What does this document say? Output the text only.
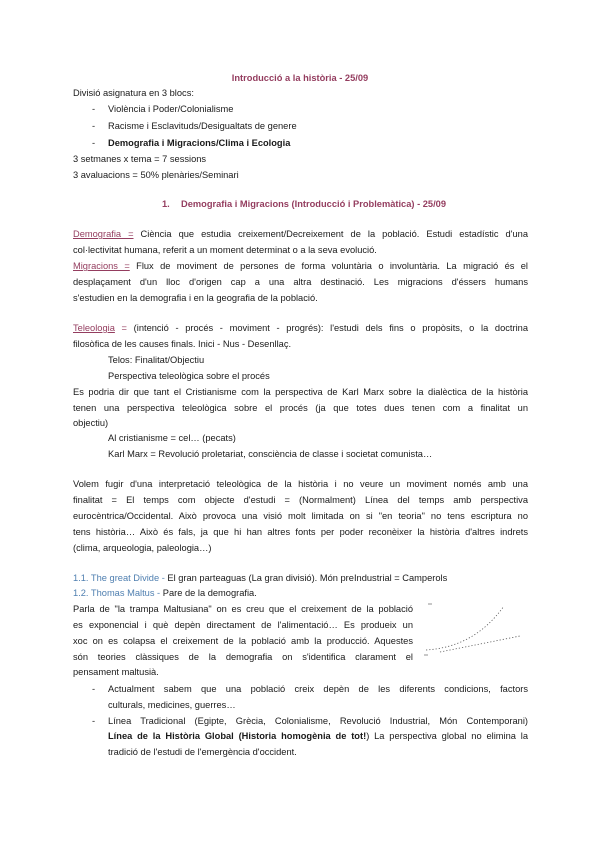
Introducció a la història - 25/09
Divisió asignatura en 3 blocs:
- Violència i Poder/Colonialisme
- Racisme i Esclavituds/Desigualtats de genere
- Demografia i Migracions/Clima i Ecologia
3 setmanes x tema = 7 sessions
3 avaluacions = 50% plenàries/Seminari
1. Demografia i Migracions (Introducció i Problemàtica) - 25/09
Demografia = Ciència que estudia creixement/Decreixement de la població. Estudi estadístic d'una
col·lectivitat humana, referit a un moment determinat o a la seva evolució.
Migracions = Flux de moviment de persones de forma voluntària o involuntària. La migració és el
desplaçament d'un lloc d'origen cap a una altra destinació. Les migracions d'éssers humans
s'estudien en la demografia i en la geografia de la població.
Teleologia = (intenció - procés - moviment - progrés): l'estudi dels fins o propòsits, o la doctrina
filosòfica de les causes finals. Inici - Nus - Desenllaç.
Telos: Finalitat/Objectiu
Perspectiva teleològica sobre el procés
Es podria dir que tant el Cristianisme com la perspectiva de Karl Marx sobre la dialèctica de la història
tenen una perspectiva teleològica sobre el procés (ja que totes dues tenen com a finalitat un
objectiu)
Al cristianisme = cel… (pecats)
Karl Marx = Revolució proletariat, consciència de classe i societat comunista…
Volem fugir d'una interpretació teleològica de la història i no veure un moviment només amb una
finalitat = El temps com objecte d'estudi = (Normalment) Línea del temps amb perspectiva
eurocèntrica/Occidental. Això provoca una visió molt limitada on si "en teoria" no tens escriptura no
tens història… Això és fals, ja que hi han altres fonts per poder reconèixer la història d'altres indrets
(clima, arqueologia, paleologia…)
1.1. The great Divide - El gran parteaguas (La gran divisió). Món preIndustrial = Camperols
1.2. Thomas Maltus - Pare de la demografia.
Parla de "la trampa Maltusiana" on es creu que el creixement de la població
es exponencial i què depèn directament de l'alimentació… Es produeix un
xoc on es colapsa el creixement de la població amb la producció. Aquestes
són teories clàssiques de la demografia on s'identifica clarament el
pensament maltusià.
- Actualment sabem que una població creix depèn de les diferents condicions, factors
culturals, medicines, guerres…
- Línea Tradicional (Egipte, Grècia, Colonialisme, Revolució Industrial, Món Contemporani)
Línea de la Història Global (Historia homogènia de tot!) La perspectiva global no elimina la
tradició de l'estudi de l'emergència d'occident.
